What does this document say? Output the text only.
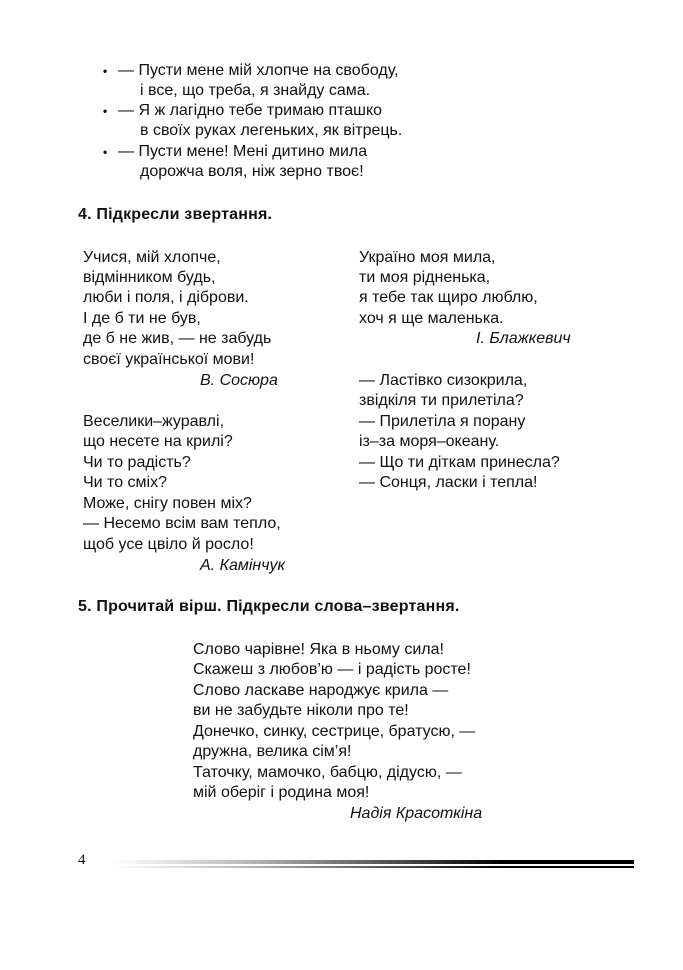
• — Пусти мене мій хлопче на свободу,
і все, що треба, я знайду сама.
• — Я ж лагідно тебе тримаю пташко
в своїх руках легеньких, як вітрець.
• — Пусти мене! Мені дитино мила
дорожча воля, ніж зерно твоє!
4. Підкресли звертання.
Учися, мій хлопче,
відмінником будь,
люби і поля, і діброви.
І де б ти не був,
де б не жив, — не забудь
своєї української мови!
В. Сосюра
Веселики–журавлі,
що несете на крилі?
Чи то радість?
Чи то сміх?
Може, снігу повен міх?
— Несемо всім вам тепло,
щоб усе цвіло й росло!
А. Камінчук
Україно моя мила,
ти моя рідненька,
я тебе так щиро люблю,
хоч я ще маленька.
І. Блажкевич
— Ластівко сизокрила,
звідкіля ти прилетіла?
— Прилетіла я порану
із–за моря–океану.
— Що ти діткам принесла?
— Сонця, ласки і тепла!
5. Прочитай вірш. Підкресли слова–звертання.
Слово чарівне! Яка в ньому сила!
Скажеш з любов’ю — і радість росте!
Слово ласкаве народжує крила —
ви не забудьте ніколи про те!
Донечко, синку, сестрице, братусю, —
дружна, велика сім’я!
Таточку, мамочко, бабцю, дідусю, —
мій оберіг і родина моя!
Надія Красоткіна
4
